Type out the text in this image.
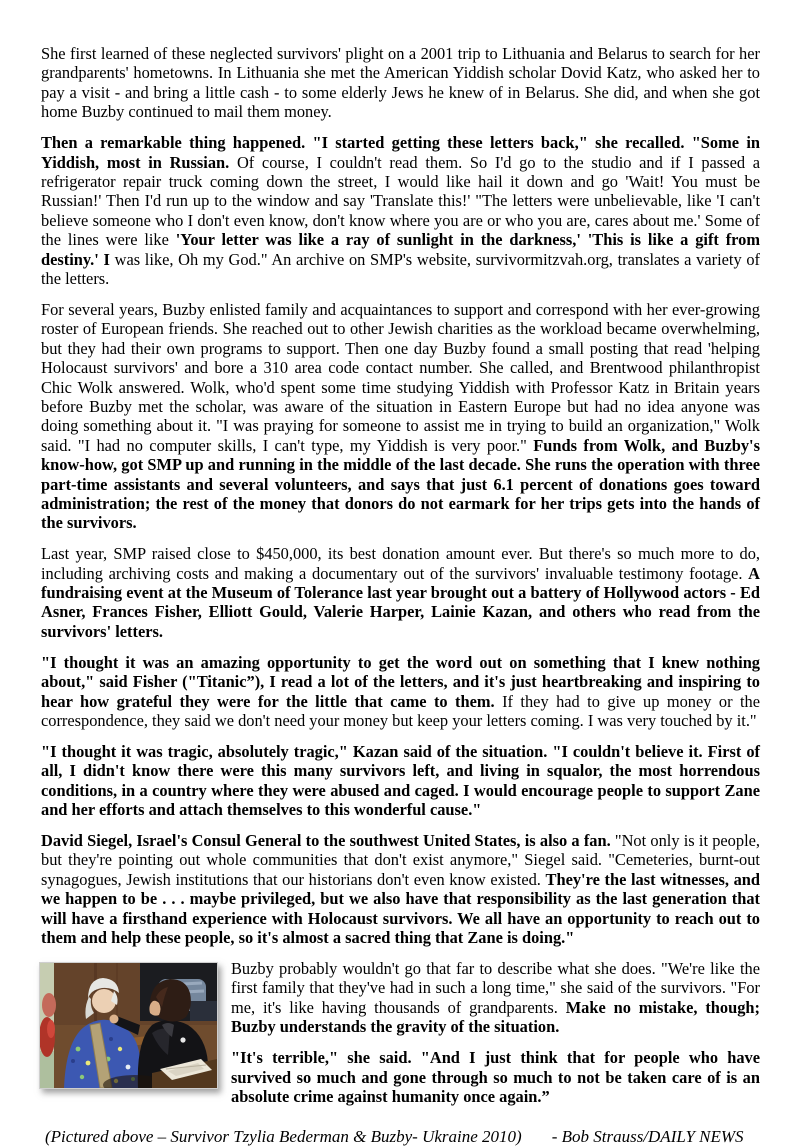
She first learned of these neglected survivors' plight on a 2001 trip to Lithuania and Belarus to search for her grandparents' hometowns. In Lithuania she met the American Yiddish scholar Dovid Katz, who asked her to pay a visit - and bring a little cash - to some elderly Jews he knew of in Belarus. She did, and when she got home Buzby continued to mail them money.

Then a remarkable thing happened. "I started getting these letters back," she recalled. "Some in Yiddish, most in Russian. Of course, I couldn't read them. So I'd go to the studio and if I passed a refrigerator repair truck coming down the street, I would like hail it down and go 'Wait! You must be Russian!' Then I'd run up to the window and say 'Translate this!' "The letters were unbelievable, like 'I can't believe someone who I don't even know, don't know where you are or who you are, cares about me.' Some of the lines were like 'Your letter was like a ray of sunlight in the darkness,' 'This is like a gift from destiny.' I was like, Oh my God." An archive on SMP's website, survivormitzvah.org, translates a variety of the letters.

For several years, Buzby enlisted family and acquaintances to support and correspond with her ever-growing roster of European friends. She reached out to other Jewish charities as the workload became overwhelming, but they had their own programs to support. Then one day Buzby found a small posting that read 'helping Holocaust survivors' and bore a 310 area code contact number. She called, and Brentwood philanthropist Chic Wolk answered. Wolk, who'd spent some time studying Yiddish with Professor Katz in Britain years before Buzby met the scholar, was aware of the situation in Eastern Europe but had no idea anyone was doing something about it. "I was praying for someone to assist me in trying to build an organization," Wolk said. "I had no computer skills, I can't type, my Yiddish is very poor." Funds from Wolk, and Buzby's know-how, got SMP up and running in the middle of the last decade. She runs the operation with three part-time assistants and several volunteers, and says that just 6.1 percent of donations goes toward administration; the rest of the money that donors do not earmark for her trips gets into the hands of the survivors.

Last year, SMP raised close to $450,000, its best donation amount ever. But there's so much more to do, including archiving costs and making a documentary out of the survivors' invaluable testimony footage. A fundraising event at the Museum of Tolerance last year brought out a battery of Hollywood actors - Ed Asner, Frances Fisher, Elliott Gould, Valerie Harper, Lainie Kazan, and others who read from the survivors' letters.

"I thought it was an amazing opportunity to get the word out on something that I knew nothing about," said Fisher ("Titanic”), I read a lot of the letters, and it's just heartbreaking and inspiring to hear how grateful they were for the little that came to them. If they had to give up money or the correspondence, they said we don't need your money but keep your letters coming. I was very touched by it."

"I thought it was tragic, absolutely tragic," Kazan said of the situation. "I couldn't believe it. First of all, I didn't know there were this many survivors left, and living in squalor, the most horrendous conditions, in a country where they were abused and caged. I would encourage people to support Zane and her efforts and attach themselves to this wonderful cause."

David Siegel, Israel's Consul General to the southwest United States, is also a fan. "Not only is it people, but they're pointing out whole communities that don't exist anymore," Siegel said. "Cemeteries, burnt-out synagogues, Jewish institutions that our historians don't even know existed. They're the last witnesses, and we happen to be . . . maybe privileged, but we also have that responsibility as the last generation that will have a firsthand experience with Holocaust survivors. We all have an opportunity to reach out to them and help these people, so it's almost a sacred thing that Zane is doing."

Buzby probably wouldn't go that far to describe what she does. "We're like the first family that they've had in such a long time," she said of the survivors. "For me, it's like having thousands of grandparents. Make no mistake, though; Buzby understands the gravity of the situation.

"It's terrible," she said. "And I just think that for people who have survived so much and gone through so much to not be taken care of is an absolute crime against humanity once again.”

(Pictured above – Survivor Tzylia Bederman & Buzby- Ukraine 2010) - Bob Strauss/DAILY NEWS
